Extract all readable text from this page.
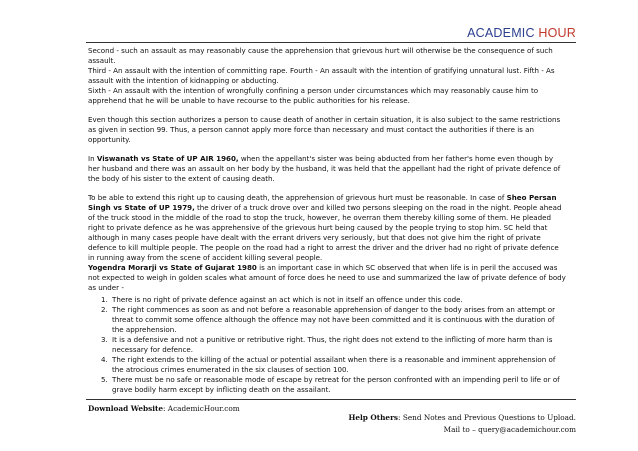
ACADEMIC HOUR

Second - such an assault as may reasonably cause the apprehension that grievous hurt will otherwise be the consequence of such assault.

Third - An assault with the intention of committing rape. Fourth - An assault with the intention of gratifying unnatural lust. Fifth - As assault with the intention of kidnapping or abducting.

Sixth - An assault with the intention of wrongfully confining a person under circumstances which may reasonably cause him to apprehend that he will be unable to have recourse to the public authorities for his release.

Even though this section authorizes a person to cause death of another in certain situation, it is also subject to the same restrictions as given in section 99. Thus, a person cannot apply more force than necessary and must contact the authorities if there is an opportunity.

In Viswanath vs State of UP AIR 1960, when the appellant's sister was being abducted from her father's home even though by her husband and there was an assault on her body by the husband, it was held that the appellant had the right of private defence of the body of his sister to the extent of causing death.

To be able to extend this right up to causing death, the apprehension of grievous hurt must be reasonable. In case of Sheo Persan Singh vs State of UP 1979, the driver of a truck drove over and killed two persons sleeping on the road in the night. People ahead of the truck stood in the middle of the road to stop the truck, however, he overran them thereby killing some of them. He pleaded right to private defence as he was apprehensive of the grievous hurt being caused by the people trying to stop him. SC held that although in many cases people have dealt with the errant drivers very seriously, but that does not give him the right of private defence to kill multiple people. The people on the road had a right to arrest the driver and the driver had no right of private defence in running away from the scene of accident killing several people.

Yogendra Morarji vs State of Gujarat 1980 is an important case in which SC observed that when life is in peril the accused was not expected to weigh in golden scales what amount of force does he need to use and summarized the law of private defence of body as under -

1. There is no right of private defence against an act which is not in itself an offence under this code.
2. The right commences as soon as and not before a reasonable apprehension of danger to the body arises from an attempt or threat to commit some offence although the offence may not have been committed and it is continuous with the duration of the apprehension.
3. It is a defensive and not a punitive or retributive right. Thus, the right does not extend to the inflicting of more harm than is necessary for defence.
4. The right extends to the killing of the actual or potential assailant when there is a reasonable and imminent apprehension of the atrocious crimes enumerated in the six clauses of section 100.
5. There must be no safe or reasonable mode of escape by retreat for the person confronted with an impending peril to life or of grave bodily harm except by inflicting death on the assailant.
Download Website: AcademicHour.com
Help Others: Send Notes and Previous Questions to Upload.
Mail to – query@academichour.com
